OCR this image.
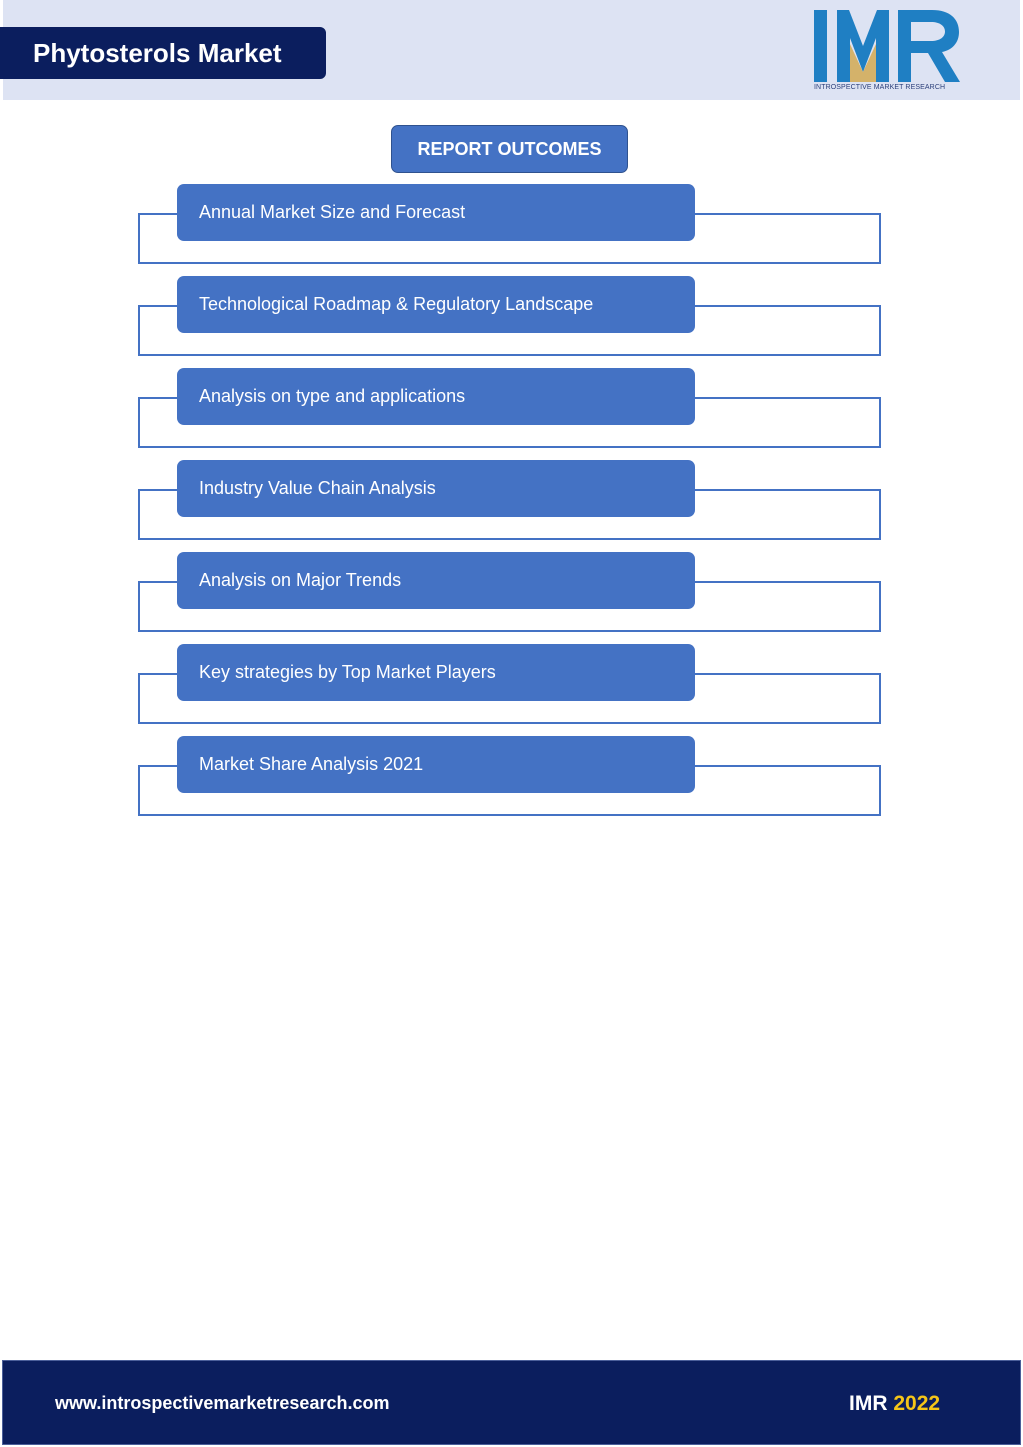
Phytosterols Market
INTROSPECTIVE MARKET RESEARCH
REPORT OUTCOMES
Annual Market Size and Forecast
Technological Roadmap & Regulatory Landscape
Analysis on type and applications
Industry Value Chain Analysis
Analysis on Major Trends
Key strategies by Top Market Players
Market Share Analysis 2021
www.introspectivemarketresearch.com	IMR 2022
